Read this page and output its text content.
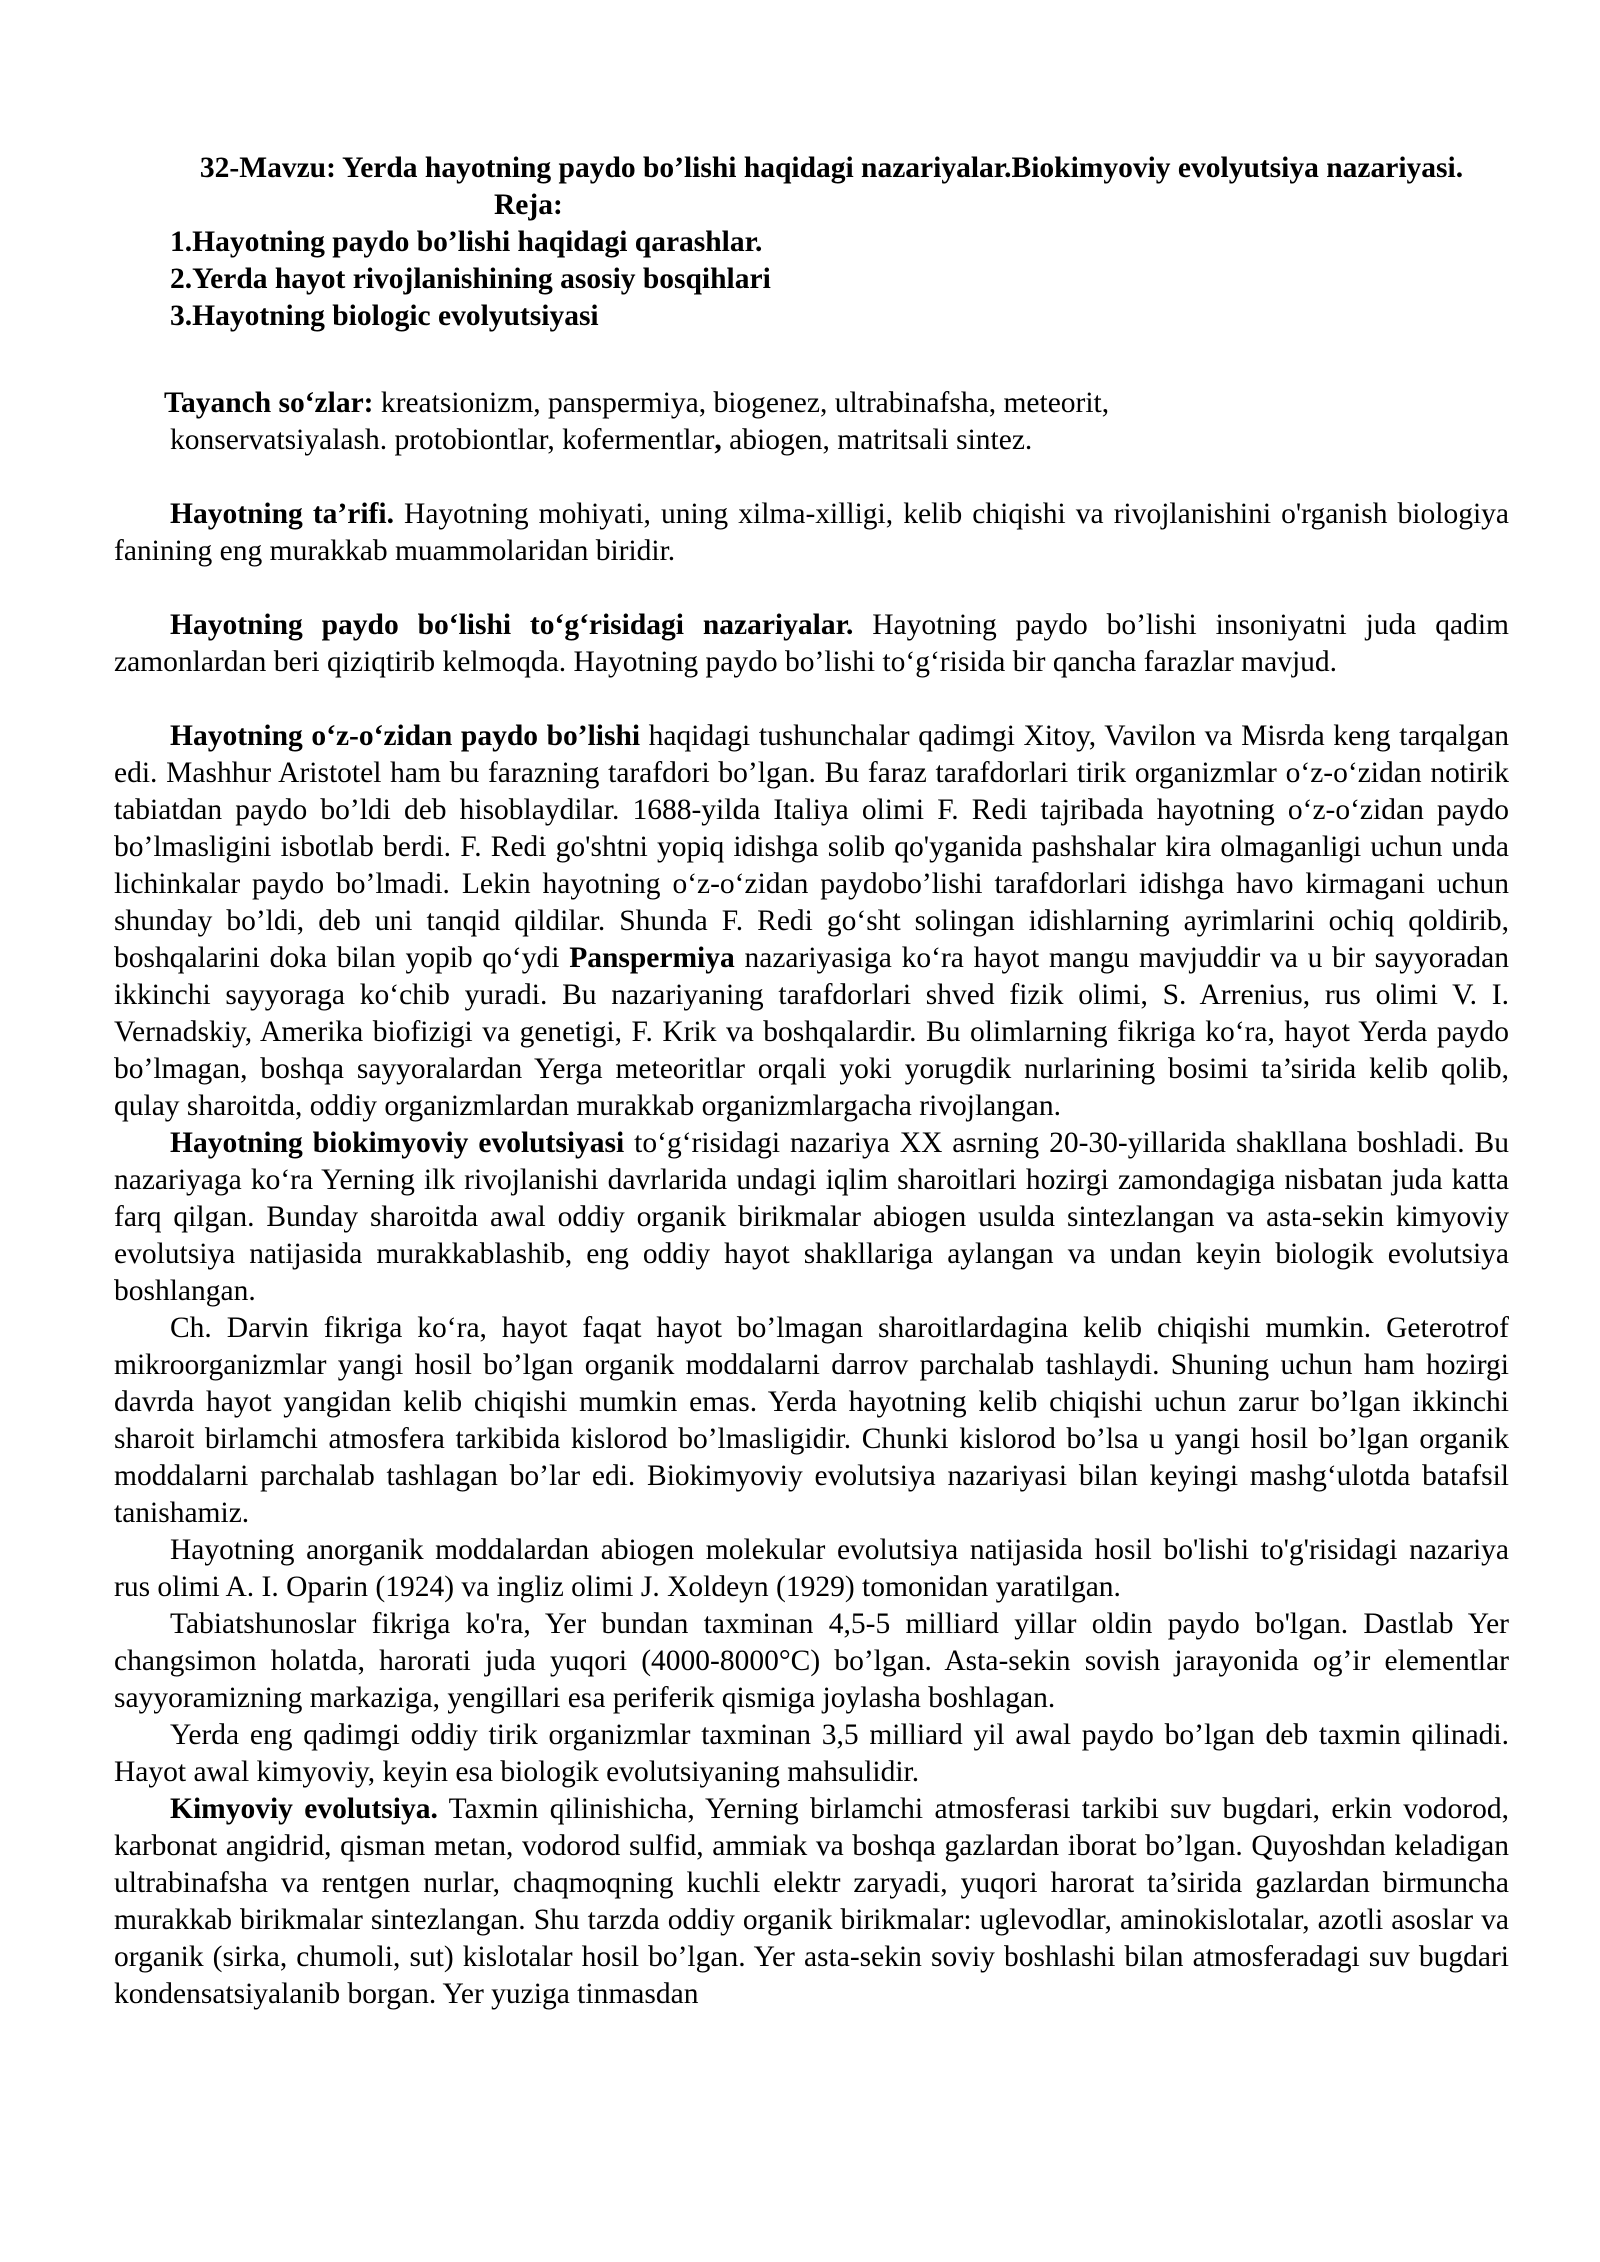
32-Mavzu: Yerda hayotning paydo bo’lishi haqidagi nazariyalar.Biokimyoviy evolyutsiya nazariyasi.
Reja:
1.Hayotning paydo bo’lishi haqidagi qarashlar.
2.Yerda hayot rivojlanishining asosiy bosqihlari
3.Hayotning biologic evolyutsiyasi
Tayanch so‘zlar: kreatsionizm, panspermiya, biogenez, ultrabinafsha, meteorit,
konservatsiyalash. protobiontlar, kofermentlar, abiogen, matritsali sintez.

Hayotning ta’rifi. Hayotning mohiyati, uning xilma-xilligi, kelib chiqishi va rivojlanishini o'rganish biologiya fanining eng murakkab muammolaridan biridir.

Hayotning paydo bo‘lishi to‘g‘risidagi nazariyalar. Hayotning paydo bo’lishi insoniyatni juda qadim zamonlardan beri qiziqtirib kelmoqda. Hayotning paydo bo’lishi to‘g‘risida bir qancha farazlar mavjud.

Hayotning o‘z-o‘zidan paydo bo’lishi haqidagi tushunchalar qadimgi Xitoy, Vavilon va Misrda keng tarqalgan edi. Mashhur Aristotel ham bu farazning tarafdori bo’lgan. Bu faraz tarafdorlari tirik organizmlar o‘z-o‘zidan notirik tabiatdan paydo bo’ldi deb hisoblaydilar. 1688-yilda Italiya olimi F. Redi tajribada hayotning o‘z-o‘zidan paydo bo’lmasligini isbotlab berdi. F. Redi go'shtni yopiq idishga solib qo'yganida pashshalar kira olmaganligi uchun unda lichinkalar paydo bo’lmadi. Lekin hayotning o‘z-o‘zidan paydobo’lishi tarafdorlari idishga havo kirmagani uchun shunday bo’ldi, deb uni tanqid qildilar. Shunda F. Redi go‘sht solingan idishlarning ayrimlarini ochiq qoldirib, boshqalarini doka bilan yopib qo‘ydi Panspermiya nazariyasiga ko‘ra hayot mangu mavjuddir va u bir sayyoradan ikkinchi sayyoraga ko‘chib yuradi. Bu nazariyaning tarafdorlari shved fizik olimi, S. Arrenius, rus olimi V. I. Vernadskiy, Amerika biofizigi va genetigi, F. Krik va boshqalardir. Bu olimlarning fikriga ko‘ra, hayot Yerda paydo bo’lmagan, boshqa sayyoralardan Yerga meteoritlar orqali yoki yorugdik nurlarining bosimi ta’sirida kelib qolib, qulay sharoitda, oddiy organizmlardan murakkab organizmlargacha rivojlangan.

Hayotning biokimyoviy evolutsiyasi to‘g‘risidagi nazariya XX asrning 20-30-yillarida shakllana boshladi. Bu nazariyaga ko‘ra Yerning ilk rivojlanishi davrlarida undagi iqlim sharoitlari hozirgi zamondagiga nisbatan juda katta farq qilgan. Bunday sharoitda awal oddiy organik birikmalar abiogen usulda sintezlangan va asta-sekin kimyoviy evolutsiya natijasida murakkablashib, eng oddiy hayot shakllariga aylangan va undan keyin biologik evolutsiya boshlangan.

Ch. Darvin fikriga ko‘ra, hayot faqat hayot bo’lmagan sharoitlardagina kelib chiqishi mumkin. Geterotrof mikroorganizmlar yangi hosil bo’lgan organik moddalarni darrov parchalab tashlaydi. Shuning uchun ham hozirgi davrda hayot yangidan kelib chiqishi mumkin emas. Yerda hayotning kelib chiqishi uchun zarur bo’lgan ikkinchi sharoit birlamchi atmosfera tarkibida kislorod bo’lmasligidir. Chunki kislorod bo’lsa u yangi hosil bo’lgan organik moddalarni parchalab tashlagan bo’lar edi. Biokimyoviy evolutsiya nazariyasi bilan keyingi mashg‘ulotda batafsil tanishamiz.

Hayotning anorganik moddalardan abiogen molekular evolutsiya natijasida hosil bo'lishi to'g'risidagi nazariya rus olimi A. I. Oparin (1924) va ingliz olimi J. Xoldeyn (1929) tomonidan yaratilgan.

Tabiatshunoslar fikriga ko'ra, Yer bundan taxminan 4,5-5 milliard yillar oldin paydo bo'lgan. Dastlab Yer changsimon holatda, harorati juda yuqori (4000-8000°C) bo’lgan. Asta-sekin sovish jarayonida og’ir elementlar sayyoramizning markaziga, yengillari esa periferik qismiga joylasha boshlagan.

Yerda eng qadimgi oddiy tirik organizmlar taxminan 3,5 milliard yil awal paydo bo’lgan deb taxmin qilinadi. Hayot awal kimyoviy, keyin esa biologik evolutsiyaning mahsulidir.

Kimyoviy evolutsiya. Taxmin qilinishicha, Yerning birlamchi atmosferasi tarkibi suv bugdari, erkin vodorod, karbonat angidrid, qisman metan, vodorod sulfid, ammiak va boshqa gazlardan iborat bo’lgan. Quyoshdan keladigan ultrabinafsha va rentgen nurlar, chaqmoqning kuchli elektr zaryadi, yuqori harorat ta’sirida gazlardan birmuncha murakkab birikmalar sintezlangan. Shu tarzda oddiy organik birikmalar: uglevodlar, aminokislotalar, azotli asoslar va organik (sirka, chumoli, sut) kislotalar hosil bo’lgan. Yer asta-sekin soviy boshlashi bilan atmosferadagi suv bugdari kondensatsiyalanib borgan. Yer yuziga tinmasdan
